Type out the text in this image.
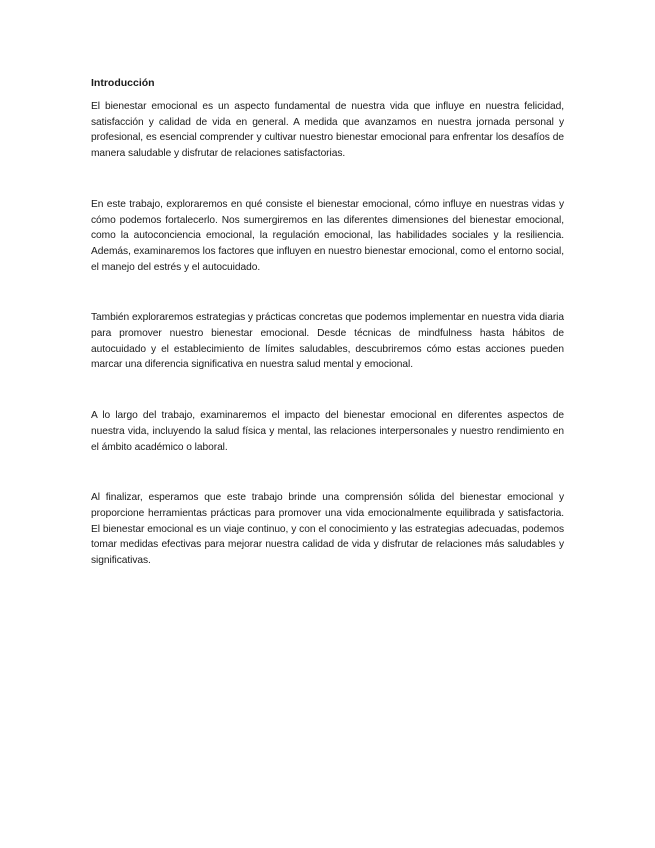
Introducción

El bienestar emocional es un aspecto fundamental de nuestra vida que influye en nuestra felicidad, satisfacción y calidad de vida en general. A medida que avanzamos en nuestra jornada personal y profesional, es esencial comprender y cultivar nuestro bienestar emocional para enfrentar los desafíos de manera saludable y disfrutar de relaciones satisfactorias.

En este trabajo, exploraremos en qué consiste el bienestar emocional, cómo influye en nuestras vidas y cómo podemos fortalecerlo. Nos sumergiremos en las diferentes dimensiones del bienestar emocional, como la autoconciencia emocional, la regulación emocional, las habilidades sociales y la resiliencia. Además, examinaremos los factores que influyen en nuestro bienestar emocional, como el entorno social, el manejo del estrés y el autocuidado.

También exploraremos estrategias y prácticas concretas que podemos implementar en nuestra vida diaria para promover nuestro bienestar emocional. Desde técnicas de mindfulness hasta hábitos de autocuidado y el establecimiento de límites saludables, descubriremos cómo estas acciones pueden marcar una diferencia significativa en nuestra salud mental y emocional.

A lo largo del trabajo, examinaremos el impacto del bienestar emocional en diferentes aspectos de nuestra vida, incluyendo la salud física y mental, las relaciones interpersonales y nuestro rendimiento en el ámbito académico o laboral.

Al finalizar, esperamos que este trabajo brinde una comprensión sólida del bienestar emocional y proporcione herramientas prácticas para promover una vida emocionalmente equilibrada y satisfactoria. El bienestar emocional es un viaje continuo, y con el conocimiento y las estrategias adecuadas, podemos tomar medidas efectivas para mejorar nuestra calidad de vida y disfrutar de relaciones más saludables y significativas.
